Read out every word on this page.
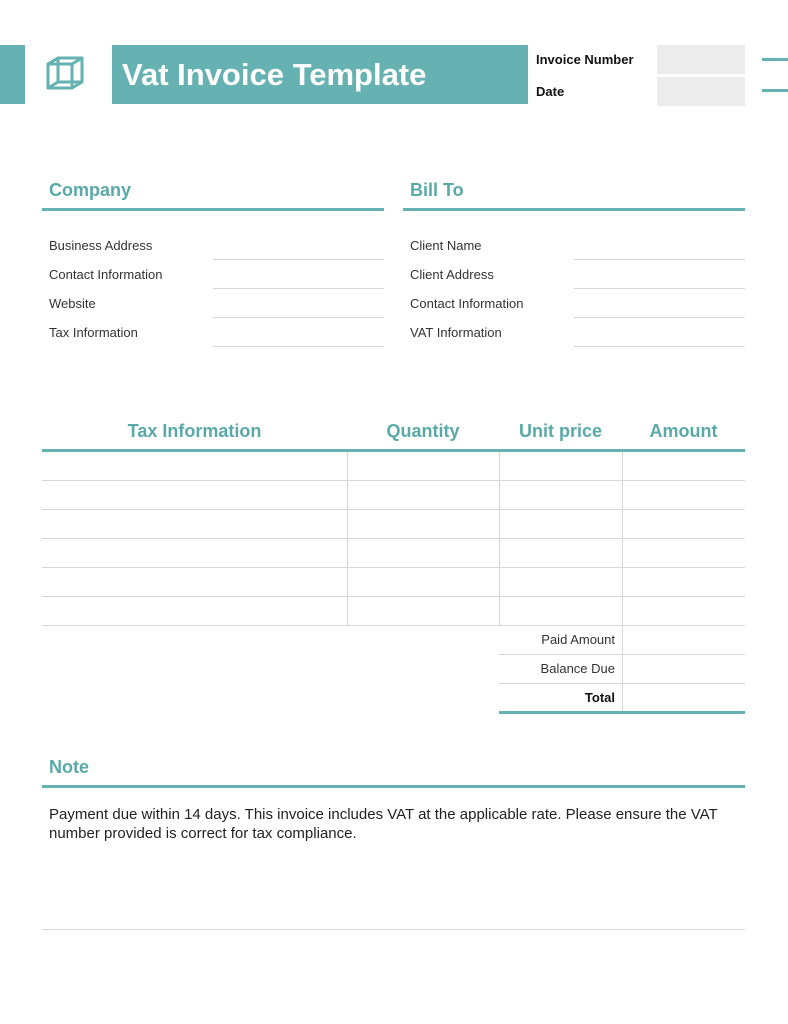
Vat Invoice Template	Invoice Number
Date
Company
Business Address
Contact Information
Website
Tax Information
Bill To
Client Name
Client Address
Contact Information
VAT Information
Tax Information	Quantity	Unit price	Amount
Paid Amount
Balance Due
Total
Note
Payment due within 14 days. This invoice includes VAT at the applicable rate. Please ensure the VAT number provided is correct for tax compliance.
